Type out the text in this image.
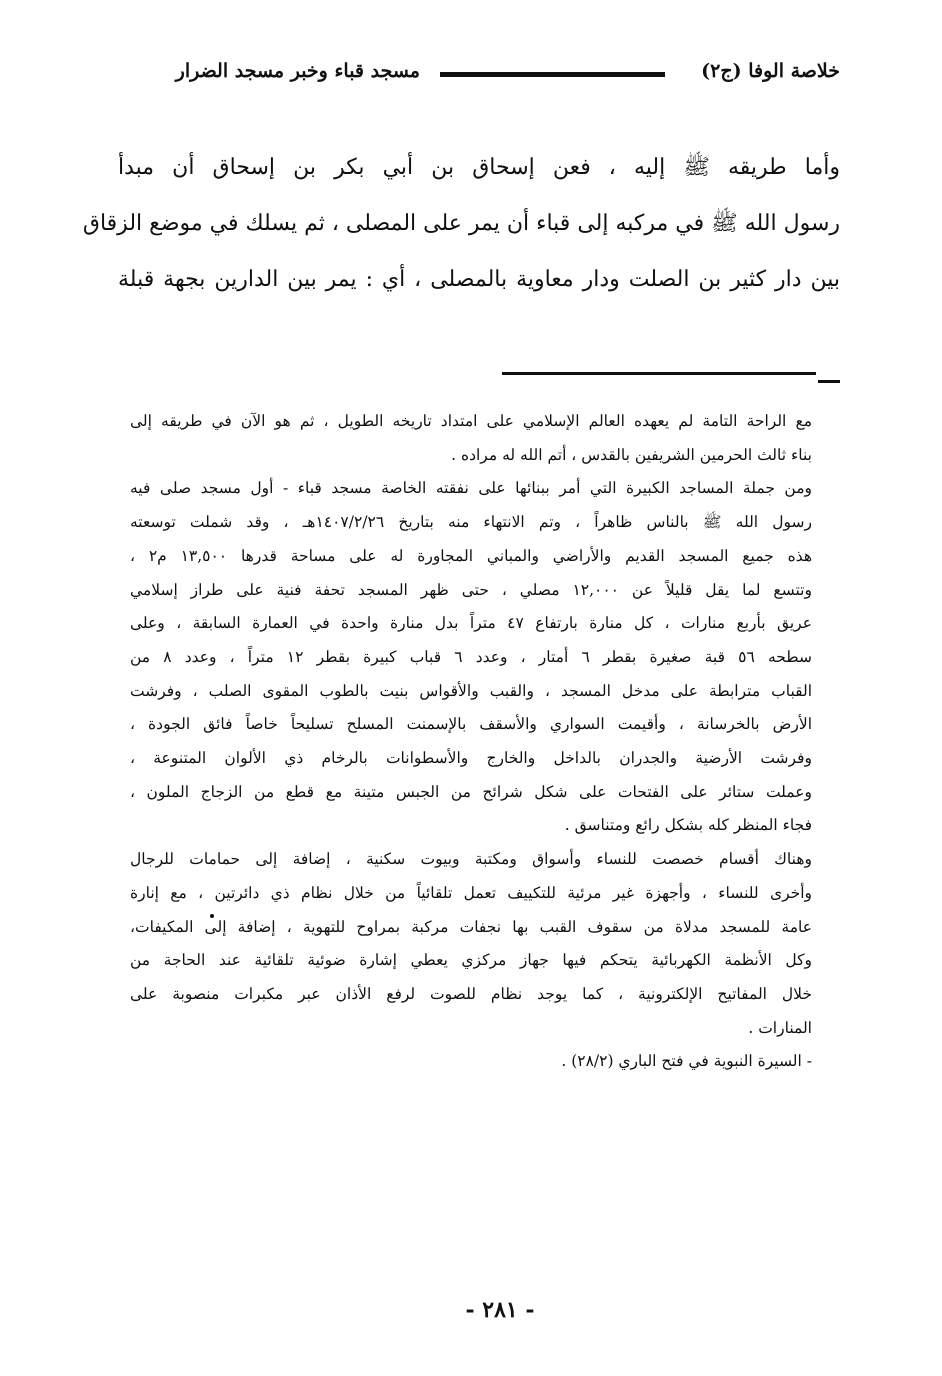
خلاصة الوفا (ج٢)
مسجد قباء وخبر مسجد الضرار
وأما طريقه ﷺ إليه ، فعن إسحاق بن أبي بكر بن إسحاق أن مبدأ
رسول الله ﷺ في مركبه إلى قباء أن يمر على المصلى ، ثم يسلك في موضع الزقاق
بين دار كثير بن الصلت ودار معاوية بالمصلى ، أي : يمر بين الدارين بجهة قبلة
مع الراحة التامة لم يعهده العالم الإسلامي على امتداد تاريخه الطويل ، ثم هو الآن في طريقه إلى
بناء ثالث الحرمين الشريفين بالقدس ، أتم الله له مراده .
ومن جملة المساجد الكبيرة التي أمر ببنائها على نفقته الخاصة مسجد قباء - أول مسجد صلى فيه
رسول الله ﷺ بالناس ظاهراً ، وتم الانتهاء منه بتاريخ ١٤٠٧/٢/٢٦هـ ، وقد شملت توسعته
هذه جميع المسجد القديم والأراضي والمباني المجاورة له على مساحة قدرها ١٣,٥٠٠ م٢ ،
وتتسع لما يقل قليلاً عن ١٢,٠٠٠ مصلي ، حتى ظهر المسجد تحفة فنية على طراز إسلامي
عريق بأربع منارات ، كل منارة بارتفاع ٤٧ متراً بدل منارة واحدة في العمارة السابقة ، وعلى
سطحه ٥٦ قبة صغيرة بقطر ٦ أمتار ، وعدد ٦ قباب كبيرة بقطر ١٢ متراً ، وعدد ٨ من
القباب مترابطة على مدخل المسجد ، والقبب والأقواس بنيت بالطوب المقوى الصلب ، وفرشت
الأرض بالخرسانة ، وأقيمت السواري والأسقف بالإسمنت المسلح تسليحاً خاصاً فائق الجودة ،
وفرشت الأرضية والجدران بالداخل والخارج والأسطوانات بالرخام ذي الألوان المتنوعة ،
وعملت ستائر على الفتحات على شكل شرائح من الجبس متينة مع قطع من الزجاج الملون ،
فجاء المنظر كله بشكل رائع ومتناسق .
وهناك أقسام خصصت للنساء وأسواق ومكتبة وبيوت سكنية ، إضافة إلى حمامات للرجال
وأخرى للنساء ، وأجهزة غير مرئية للتكييف تعمل تلقائياً من خلال نظام ذي دائرتين ، مع إنارة
عامة للمسجد مدلاة من سقوف القبب بها نجفات مركبة بمراوح للتهوية ، إضافة إلى المكيفات،
وكل الأنظمة الكهربائية يتحكم فيها جهاز مركزي يعطي إشارة ضوئية تلقائية عند الحاجة من
خلال المفاتيح الإلكترونية ، كما يوجد نظام للصوت لرفع الأذان عبر مكبرات منصوبة على
المنارات .
- السيرة النبوية في فتح الباري (٢٨/٢) .
- ٢٨١ -
